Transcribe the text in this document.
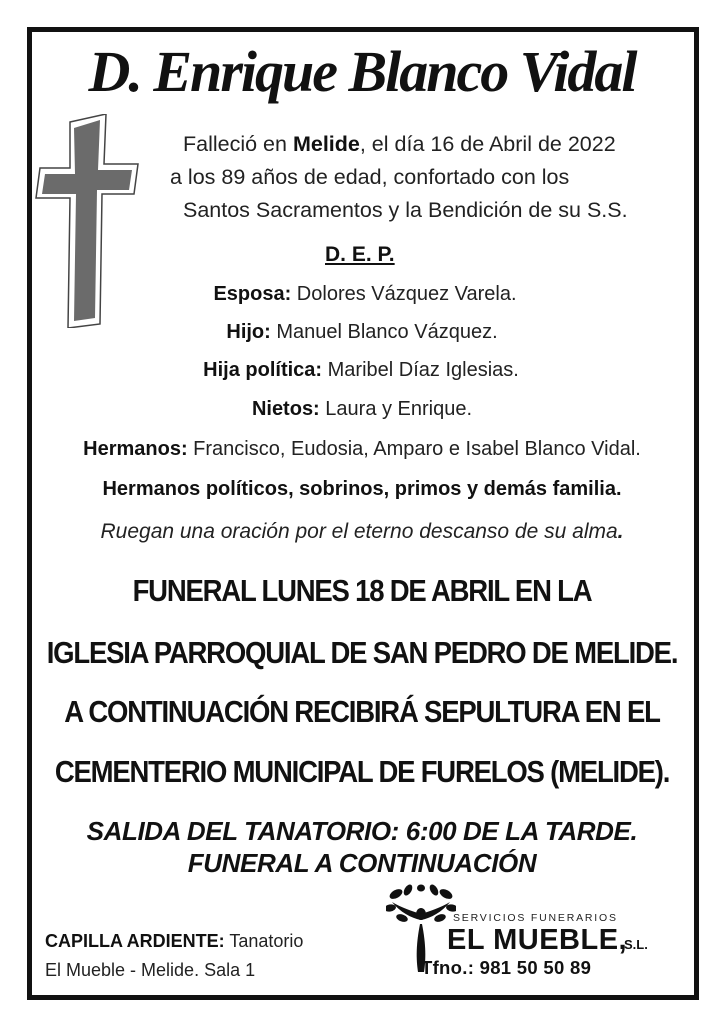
D. Enrique Blanco Vidal
Falleció en Melide, el día 16 de Abril de 2022
a los 89 años de edad, confortado con los
Santos Sacramentos y la Bendición de su S.S.
D. E. P.
Esposa: Dolores Vázquez Varela.
Hijo: Manuel Blanco Vázquez.
Hija política: Maribel Díaz Iglesias.
Nietos: Laura y Enrique.
Hermanos: Francisco, Eudosia, Amparo e Isabel Blanco Vidal.
Hermanos políticos, sobrinos, primos y demás familia.
Ruegan una oración por el eterno descanso de su alma.
FUNERAL LUNES 18 DE ABRIL EN LA
IGLESIA PARROQUIAL DE SAN PEDRO DE MELIDE.
A CONTINUACIÓN RECIBIRÁ SEPULTURA EN EL
CEMENTERIO MUNICIPAL DE FURELOS (MELIDE).
SALIDA DEL TANATORIO: 6:00 DE LA TARDE.
FUNERAL A CONTINUACIÓN
CAPILLA ARDIENTE: Tanatorio
El Mueble - Melide. Sala 1
SERVICIOS FUNERARIOS
EL MUEBLE,
S.L.
Tfno.: 981 50 50 89
